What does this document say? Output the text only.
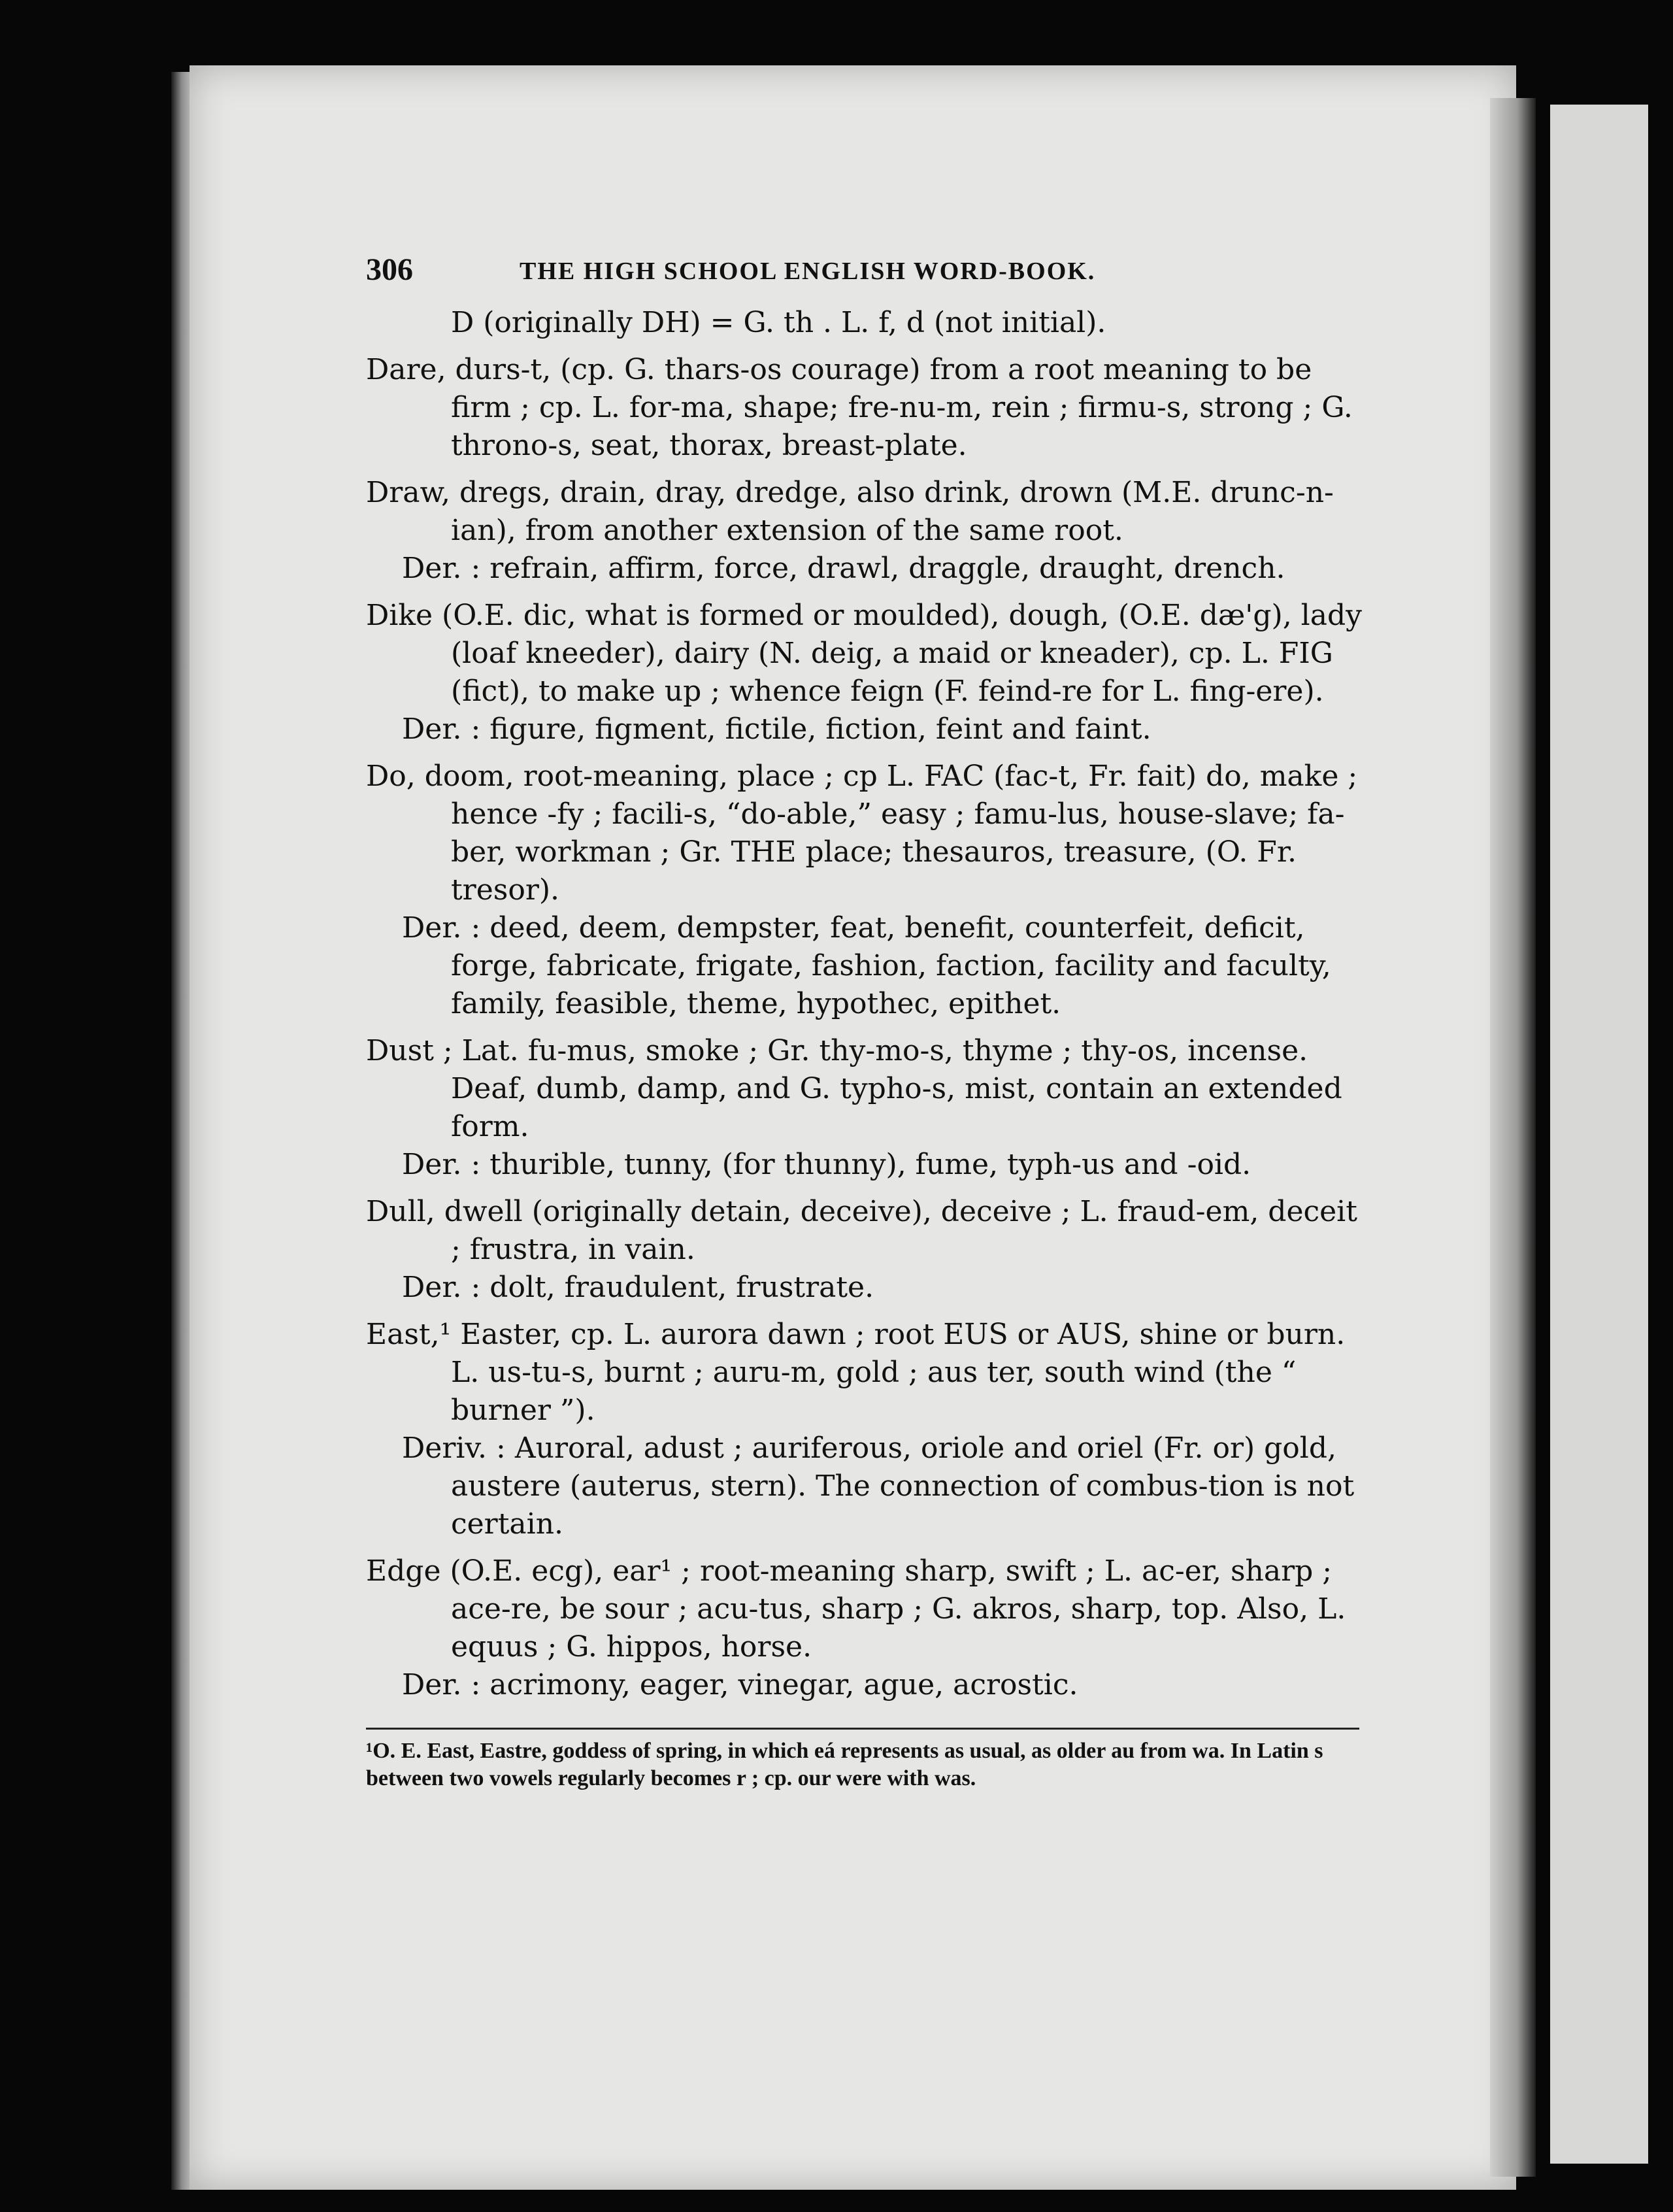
306	THE HIGH SCHOOL ENGLISH WORD-BOOK.
D (originally DH) = G. th . L. f, d (not initial).
Dare, durs-t, (cp. G. thars-os courage) from a root meaning to be firm ; cp. L. for-ma, shape; fre-nu-m, rein ; firmu-s, strong ; G. throno-s, seat, thorax, breast-plate.
Draw, dregs, drain, dray, dredge, also drink, drown (M.E. drunc-n-ian), from another extension of the same root.
Der. : refrain, affirm, force, drawl, draggle, draught, drench.
Dike (O.E. dic, what is formed or moulded), dough, (O.E. dæ'g), lady (loaf kneeder), dairy (N. deig, a maid or kneader), cp. L. FIG (fict), to make up ; whence feign (F. feind-re for L. fing-ere).
Der. : figure, figment, fictile, fiction, feint and faint.
Do, doom, root-meaning, place ; cp L. FAC (fac-t, Fr. fait) do, make ; hence -fy ; facili-s, “do-able,” easy ; famu-lus, house-slave; fa-ber, workman ; Gr. THE place; thesauros, treasure, (O. Fr. tresor).
Der. : deed, deem, dempster, feat, benefit, counterfeit, deficit, forge, fabricate, frigate, fashion, faction, facility and faculty, family, feasible, theme, hypothec, epithet.
Dust ; Lat. fu-mus, smoke ; Gr. thy-mo-s, thyme ; thy-os, incense. Deaf, dumb, damp, and G. typho-s, mist, contain an extended form.
Der. : thurible, tunny, (for thunny), fume, typh-us and -oid.
Dull, dwell (originally detain, deceive), deceive ; L. fraud-em, deceit ; frustra, in vain.
Der. : dolt, fraudulent, frustrate.
East,¹ Easter, cp. L. aurora dawn ; root EUS or AUS, shine or burn. L. us-tu-s, burnt ; auru-m, gold ; aus ter, south wind (the “ burner ”).
Deriv. : Auroral, adust ; auriferous, oriole and oriel (Fr. or) gold, austere (auterus, stern). The connection of combus-tion is not certain.
Edge (O.E. ecg), ear¹ ; root-meaning sharp, swift ; L. ac-er, sharp ; ace-re, be sour ; acu-tus, sharp ; G. akros, sharp, top. Also, L. equus ; G. hippos, horse.
Der. : acrimony, eager, vinegar, ague, acrostic.
¹O. E. East, Eastre, goddess of spring, in which eá represents as usual, as older au from wa. In Latin s between two vowels regularly becomes r ; cp. our were with was.
